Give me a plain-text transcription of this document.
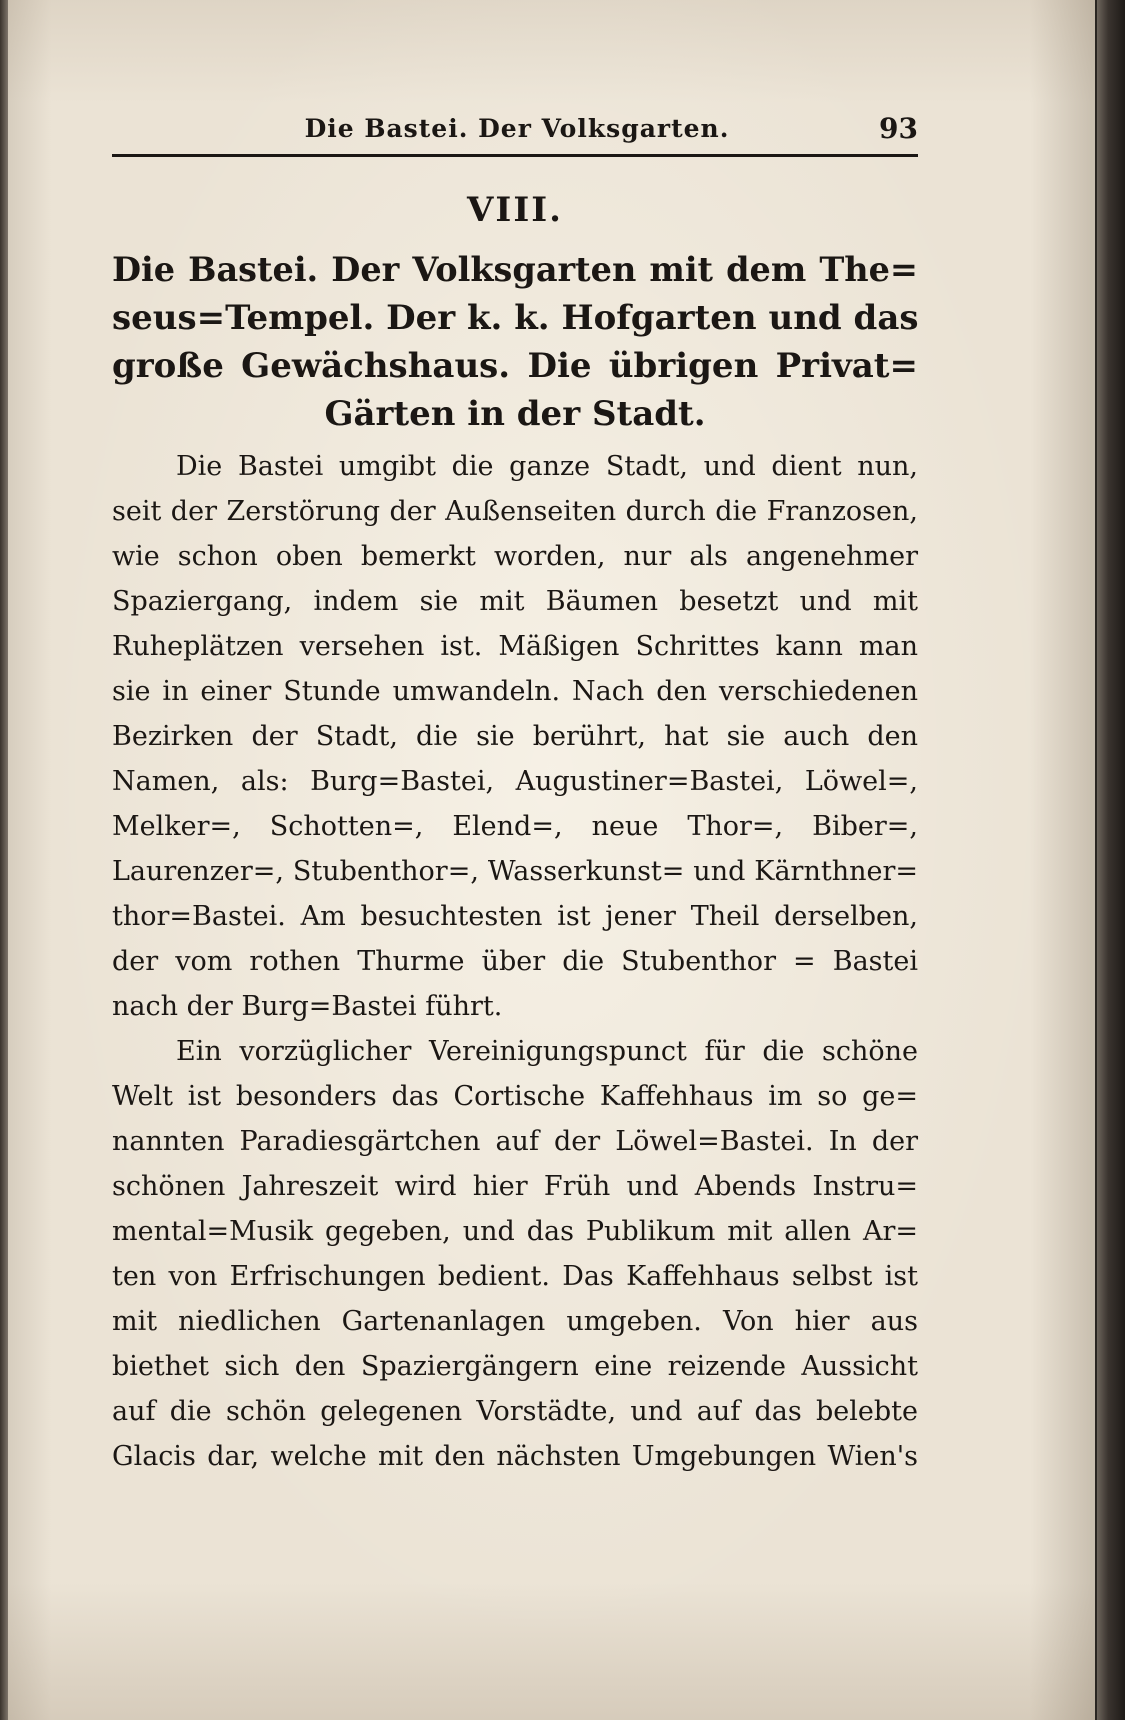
Die Bastei. Der Volksgarten.	93
VIII.
Die Bastei. Der Volksgarten mit dem The=
seus=Tempel. Der k. k. Hofgarten und das
große Gewächshaus. Die übrigen Privat=
Gärten in der Stadt.
Die Bastei umgibt die ganze Stadt, und dient nun,
seit der Zerstörung der Außenseiten durch die Franzosen,
wie schon oben bemerkt worden, nur als angenehmer
Spaziergang, indem sie mit Bäumen besetzt und mit
Ruheplätzen versehen ist. Mäßigen Schrittes kann man
sie in einer Stunde umwandeln. Nach den verschiedenen
Bezirken der Stadt, die sie berührt, hat sie auch den
Namen, als: Burg=Bastei, Augustiner=Bastei, Löwel=,
Melker=, Schotten=, Elend=, neue Thor=, Biber=,
Laurenzer=, Stubenthor=, Wasserkunst= und Kärnthner=
thor=Bastei. Am besuchtesten ist jener Theil derselben,
der vom rothen Thurme über die Stubenthor = Bastei
nach der Burg=Bastei führt.
Ein vorzüglicher Vereinigungspunct für die schöne
Welt ist besonders das Cortische Kaffehhaus im so ge=
nannten Paradiesgärtchen auf der Löwel=Bastei. In der
schönen Jahreszeit wird hier Früh und Abends Instru=
mental=Musik gegeben, und das Publikum mit allen Ar=
ten von Erfrischungen bedient. Das Kaffehhaus selbst ist
mit niedlichen Gartenanlagen umgeben. Von hier aus
biethet sich den Spaziergängern eine reizende Aussicht
auf die schön gelegenen Vorstädte, und auf das belebte
Glacis dar, welche mit den nächsten Umgebungen Wien's
